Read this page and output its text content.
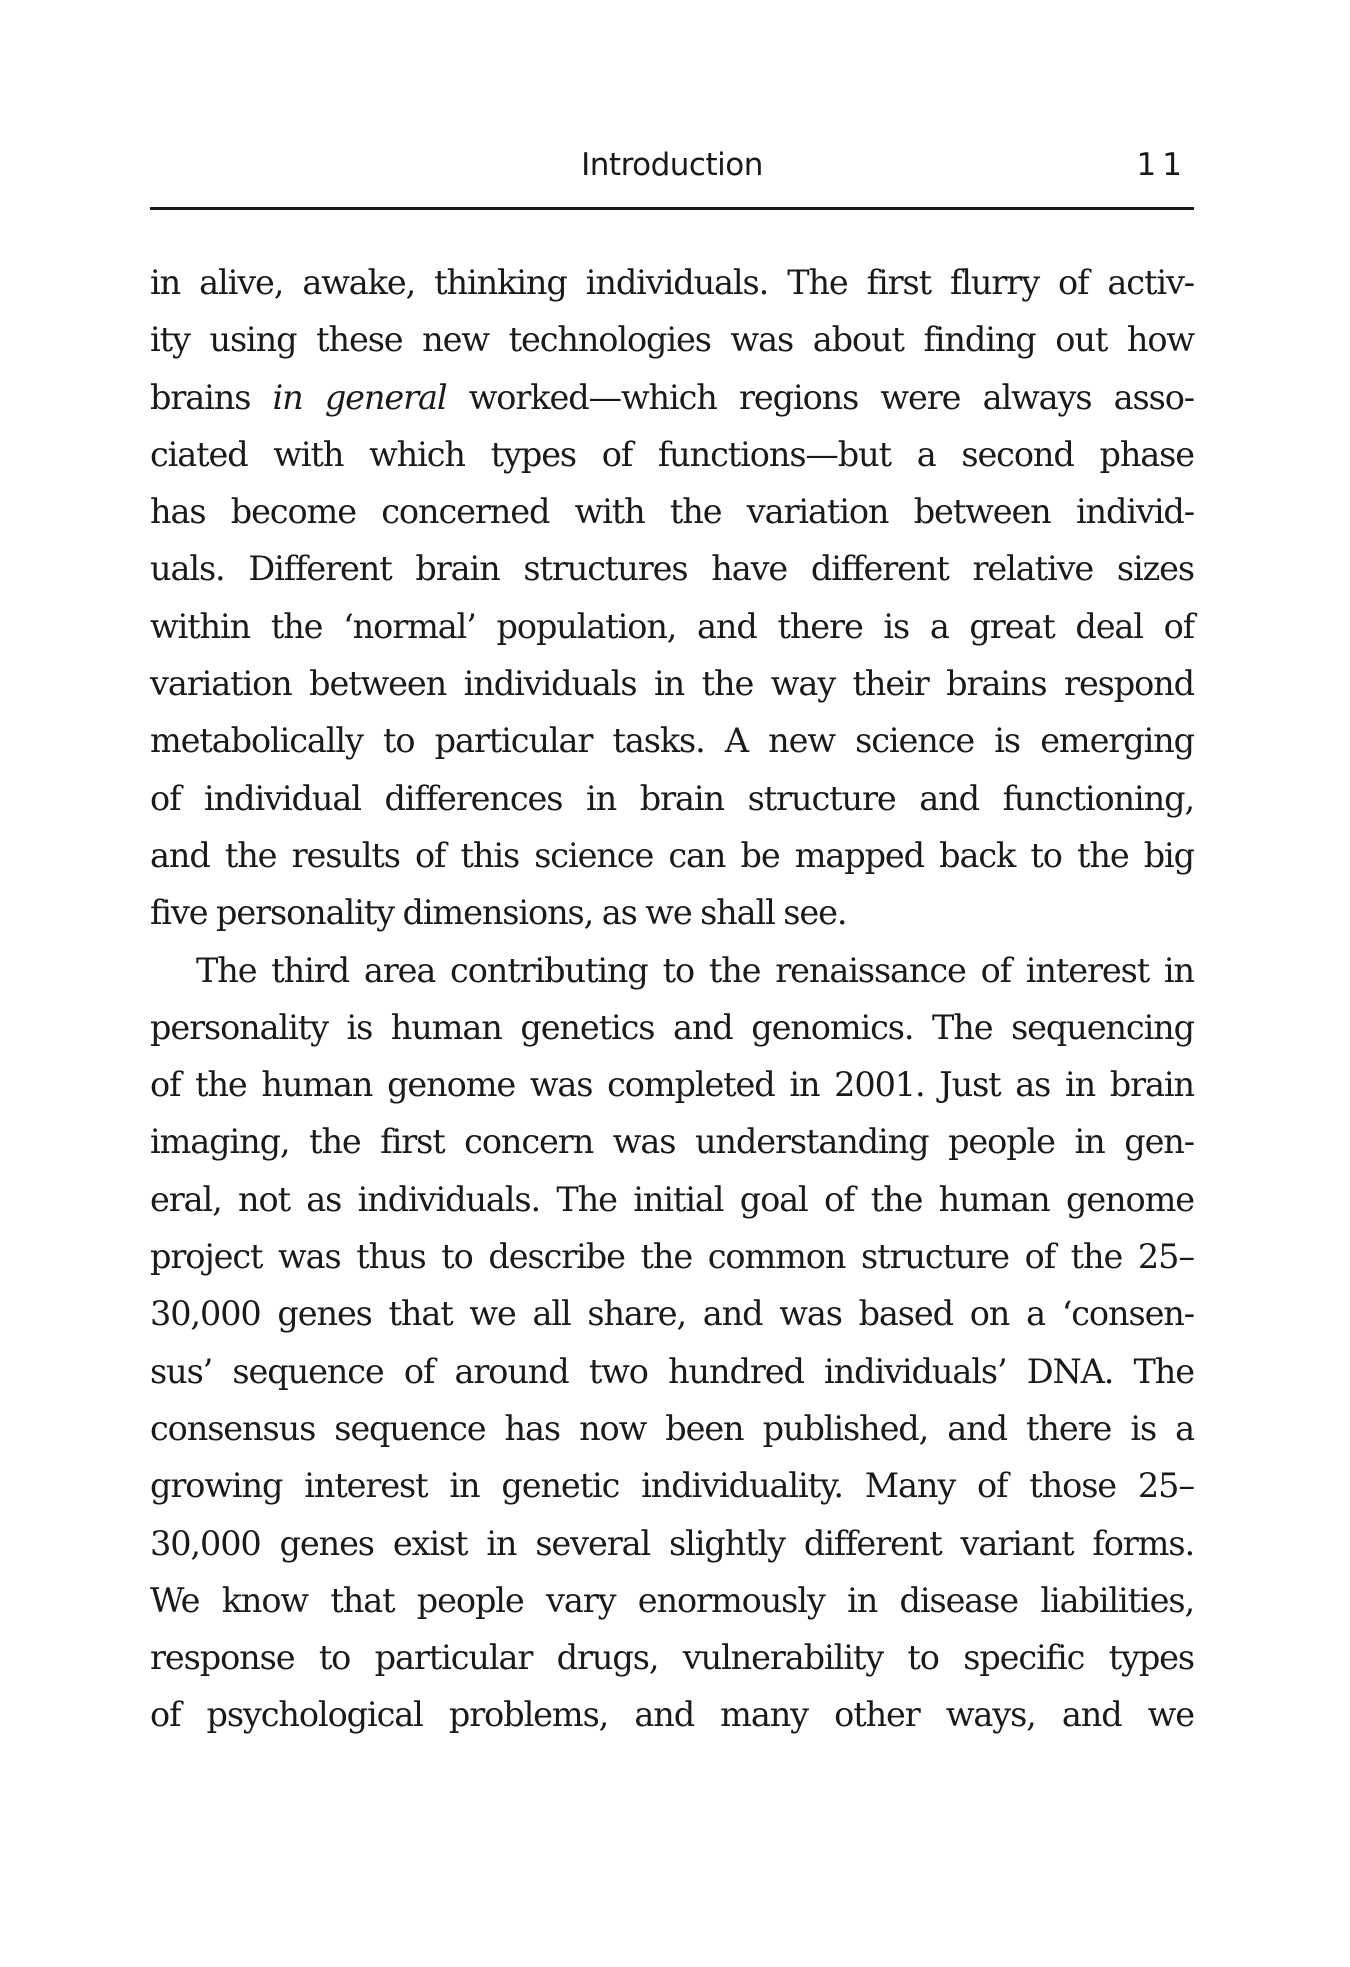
Introduction	11
in alive, awake, thinking individuals. The first flurry of activ-
ity using these new technologies was about finding out how
brains in general worked—which regions were always asso-
ciated with which types of functions—but a second phase
has become concerned with the variation between individ-
uals. Different brain structures have different relative sizes
within the ‘normal’ population, and there is a great deal of
variation between individuals in the way their brains respond
metabolically to particular tasks. A new science is emerging
of individual differences in brain structure and functioning,
and the results of this science can be mapped back to the big
five personality dimensions, as we shall see.
The third area contributing to the renaissance of interest in
personality is human genetics and genomics. The sequencing
of the human genome was completed in 2001. Just as in brain
imaging, the first concern was understanding people in gen-
eral, not as individuals. The initial goal of the human genome
project was thus to describe the common structure of the 25–
30,000 genes that we all share, and was based on a ‘consen-
sus’ sequence of around two hundred individuals’ DNA. The
consensus sequence has now been published, and there is a
growing interest in genetic individuality. Many of those 25–
30,000 genes exist in several slightly different variant forms.
We know that people vary enormously in disease liabilities,
response to particular drugs, vulnerability to specific types
of psychological problems, and many other ways, and we
